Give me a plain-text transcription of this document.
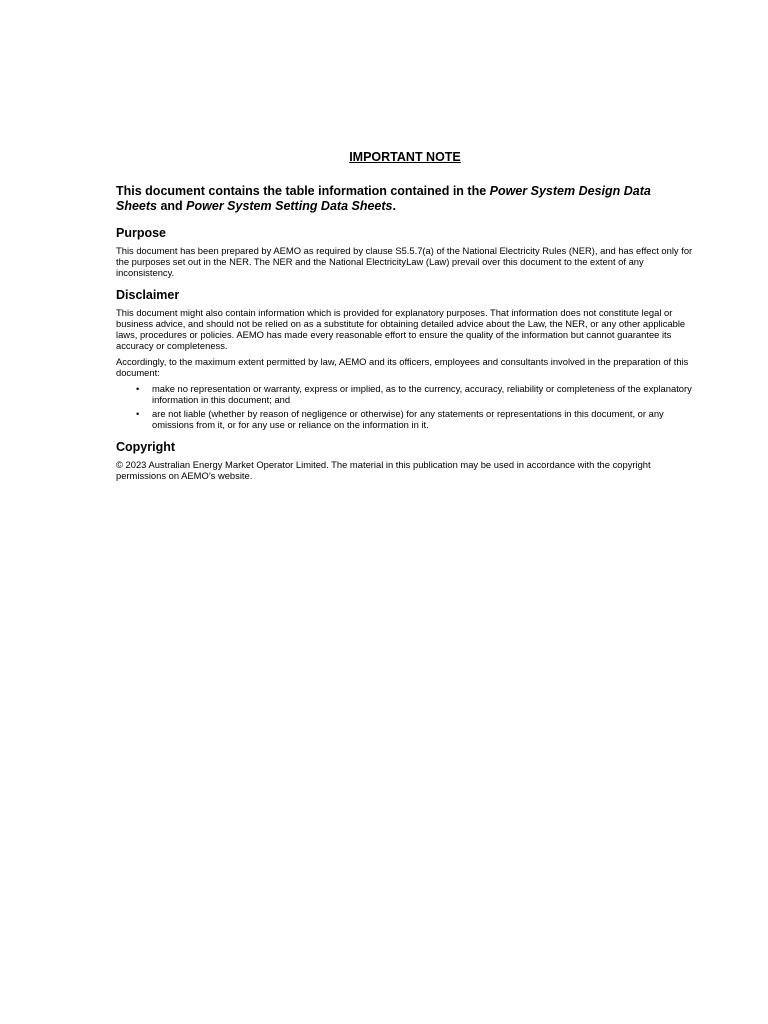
IMPORTANT NOTE
This document contains the table information contained in the Power System Design Data Sheets and Power System Setting Data Sheets.
Purpose

This document has been prepared by AEMO as required by clause S5.5.7(a) of the National Electricity Rules (NER), and has effect only for the purposes set out in the NER. The NER and the National ElectricityLaw (Law) prevail over this document to the extent of any inconsistency.

Disclaimer

This document might also contain information which is provided for explanatory purposes. That information does not constitute legal or business advice, and should not be relied on as a substitute for obtaining detailed advice about the Law, the NER, or any other applicable laws, procedures or policies. AEMO has made every reasonable effort to ensure the quality of the information but cannot guarantee its accuracy or completeness.

Accordingly, to the maximum extent permitted by law, AEMO and its officers, employees and consultants involved in the preparation of this document:

• make no representation or warranty, express or implied, as to the currency, accuracy, reliability or completeness of the explanatory information in this document; and
• are not liable (whether by reason of negligence or otherwise) for any statements or representations in this document, or any omissions from it, or for any use or reliance on the information in it.
Copyright

© 2023 Australian Energy Market Operator Limited. The material in this publication may be used in accordance with the copyright permissions on AEMO’s website.
